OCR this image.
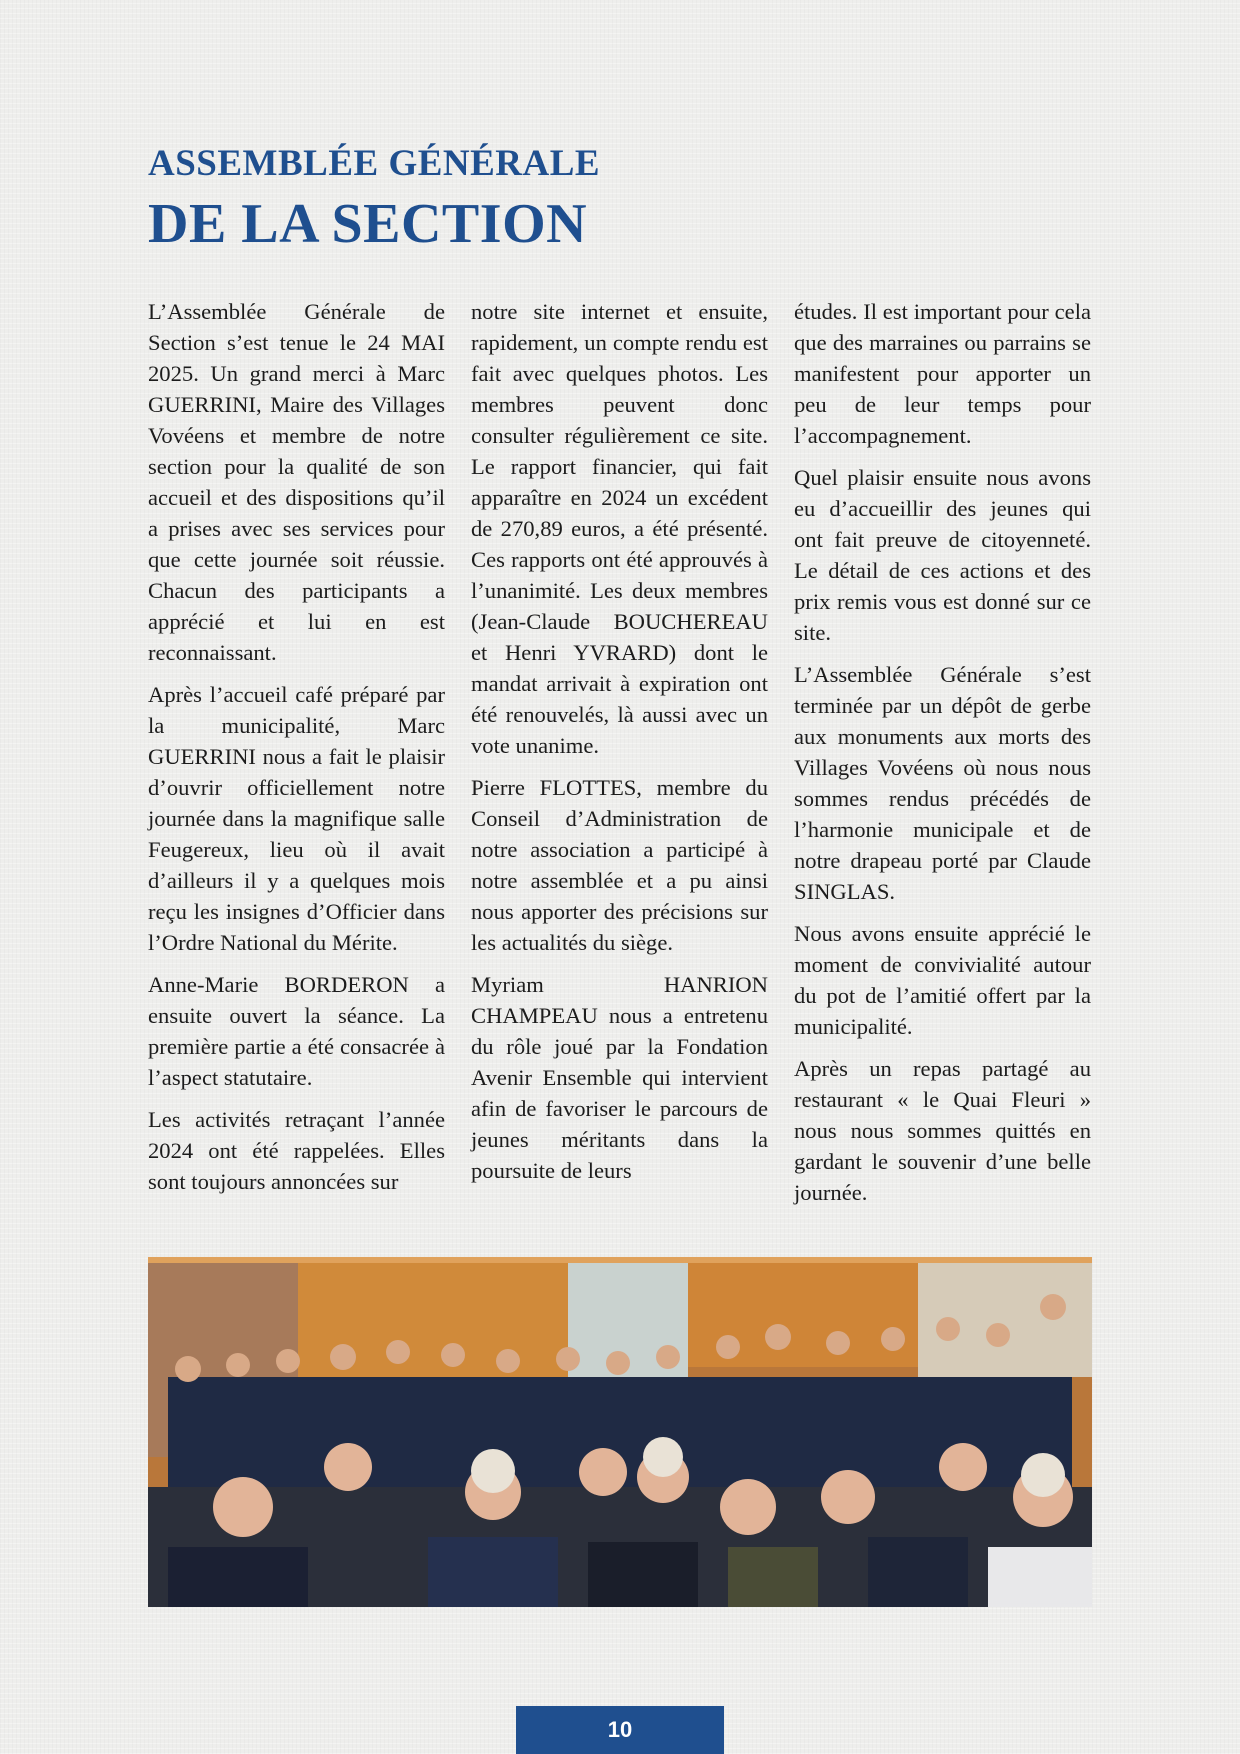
ASSEMBLÉE GÉNÉRALE
DE LA SECTION

L’Assemblée Générale de Section s’est tenue le 24 MAI 2025. Un grand merci à Marc GUERRINI, Maire des Villages Vovéens et membre de notre section pour la qualité de son accueil et des dispositions qu’il a prises avec ses services pour que cette journée soit réussie. Chacun des participants a apprécié et lui en est reconnaissant.

Après l’accueil café préparé par la municipalité, Marc GUERRINI nous a fait le plaisir d’ouvrir officiellement notre journée dans la magnifique salle Feugereux, lieu où il avait d’ailleurs il y a quelques mois reçu les insignes d’Officier dans l’Ordre National du Mérite.

Anne-Marie BORDERON a ensuite ouvert la séance. La première partie a été consacrée à l’aspect statutaire.

Les activités retraçant l’année 2024 ont été rappelées. Elles sont toujours annoncées sur

notre site internet et ensuite, rapidement, un compte rendu est fait avec quelques photos. Les membres peuvent donc consulter régulièrement ce site. Le rapport financier, qui fait apparaître en 2024 un excédent de 270,89 euros, a été présenté. Ces rapports ont été approuvés à l’unanimité. Les deux membres (Jean-Claude BOUCHEREAU et Henri YVRARD) dont le mandat arrivait à expiration ont été renouvelés, là aussi avec un vote unanime.

Pierre FLOTTES, membre du Conseil d’Administration de notre association a participé à notre assemblée et a pu ainsi nous apporter des précisions sur les actualités du siège.

Myriam HANRION CHAMPEAU nous a entretenu du rôle joué par la Fondation Avenir Ensemble qui intervient afin de favoriser le parcours de jeunes méritants dans la poursuite de leurs

études. Il est important pour cela que des marraines ou parrains se manifestent pour apporter un peu de leur temps pour l’accompagnement.

Quel plaisir ensuite nous avons eu d’accueillir des jeunes qui ont fait preuve de citoyenneté. Le détail de ces actions et des prix remis vous est donné sur ce site.

L’Assemblée Générale s’est terminée par un dépôt de gerbe aux monuments aux morts des Villages Vovéens où nous nous sommes rendus précédés de l’harmonie municipale et de notre drapeau porté par Claude SINGLAS.

Nous avons ensuite apprécié le moment de convivialité autour du pot de l’amitié offert par la municipalité.

Après un repas partagé au restaurant « le Quai Fleuri » nous nous sommes quittés en gardant le souvenir d’une belle journée.

10
